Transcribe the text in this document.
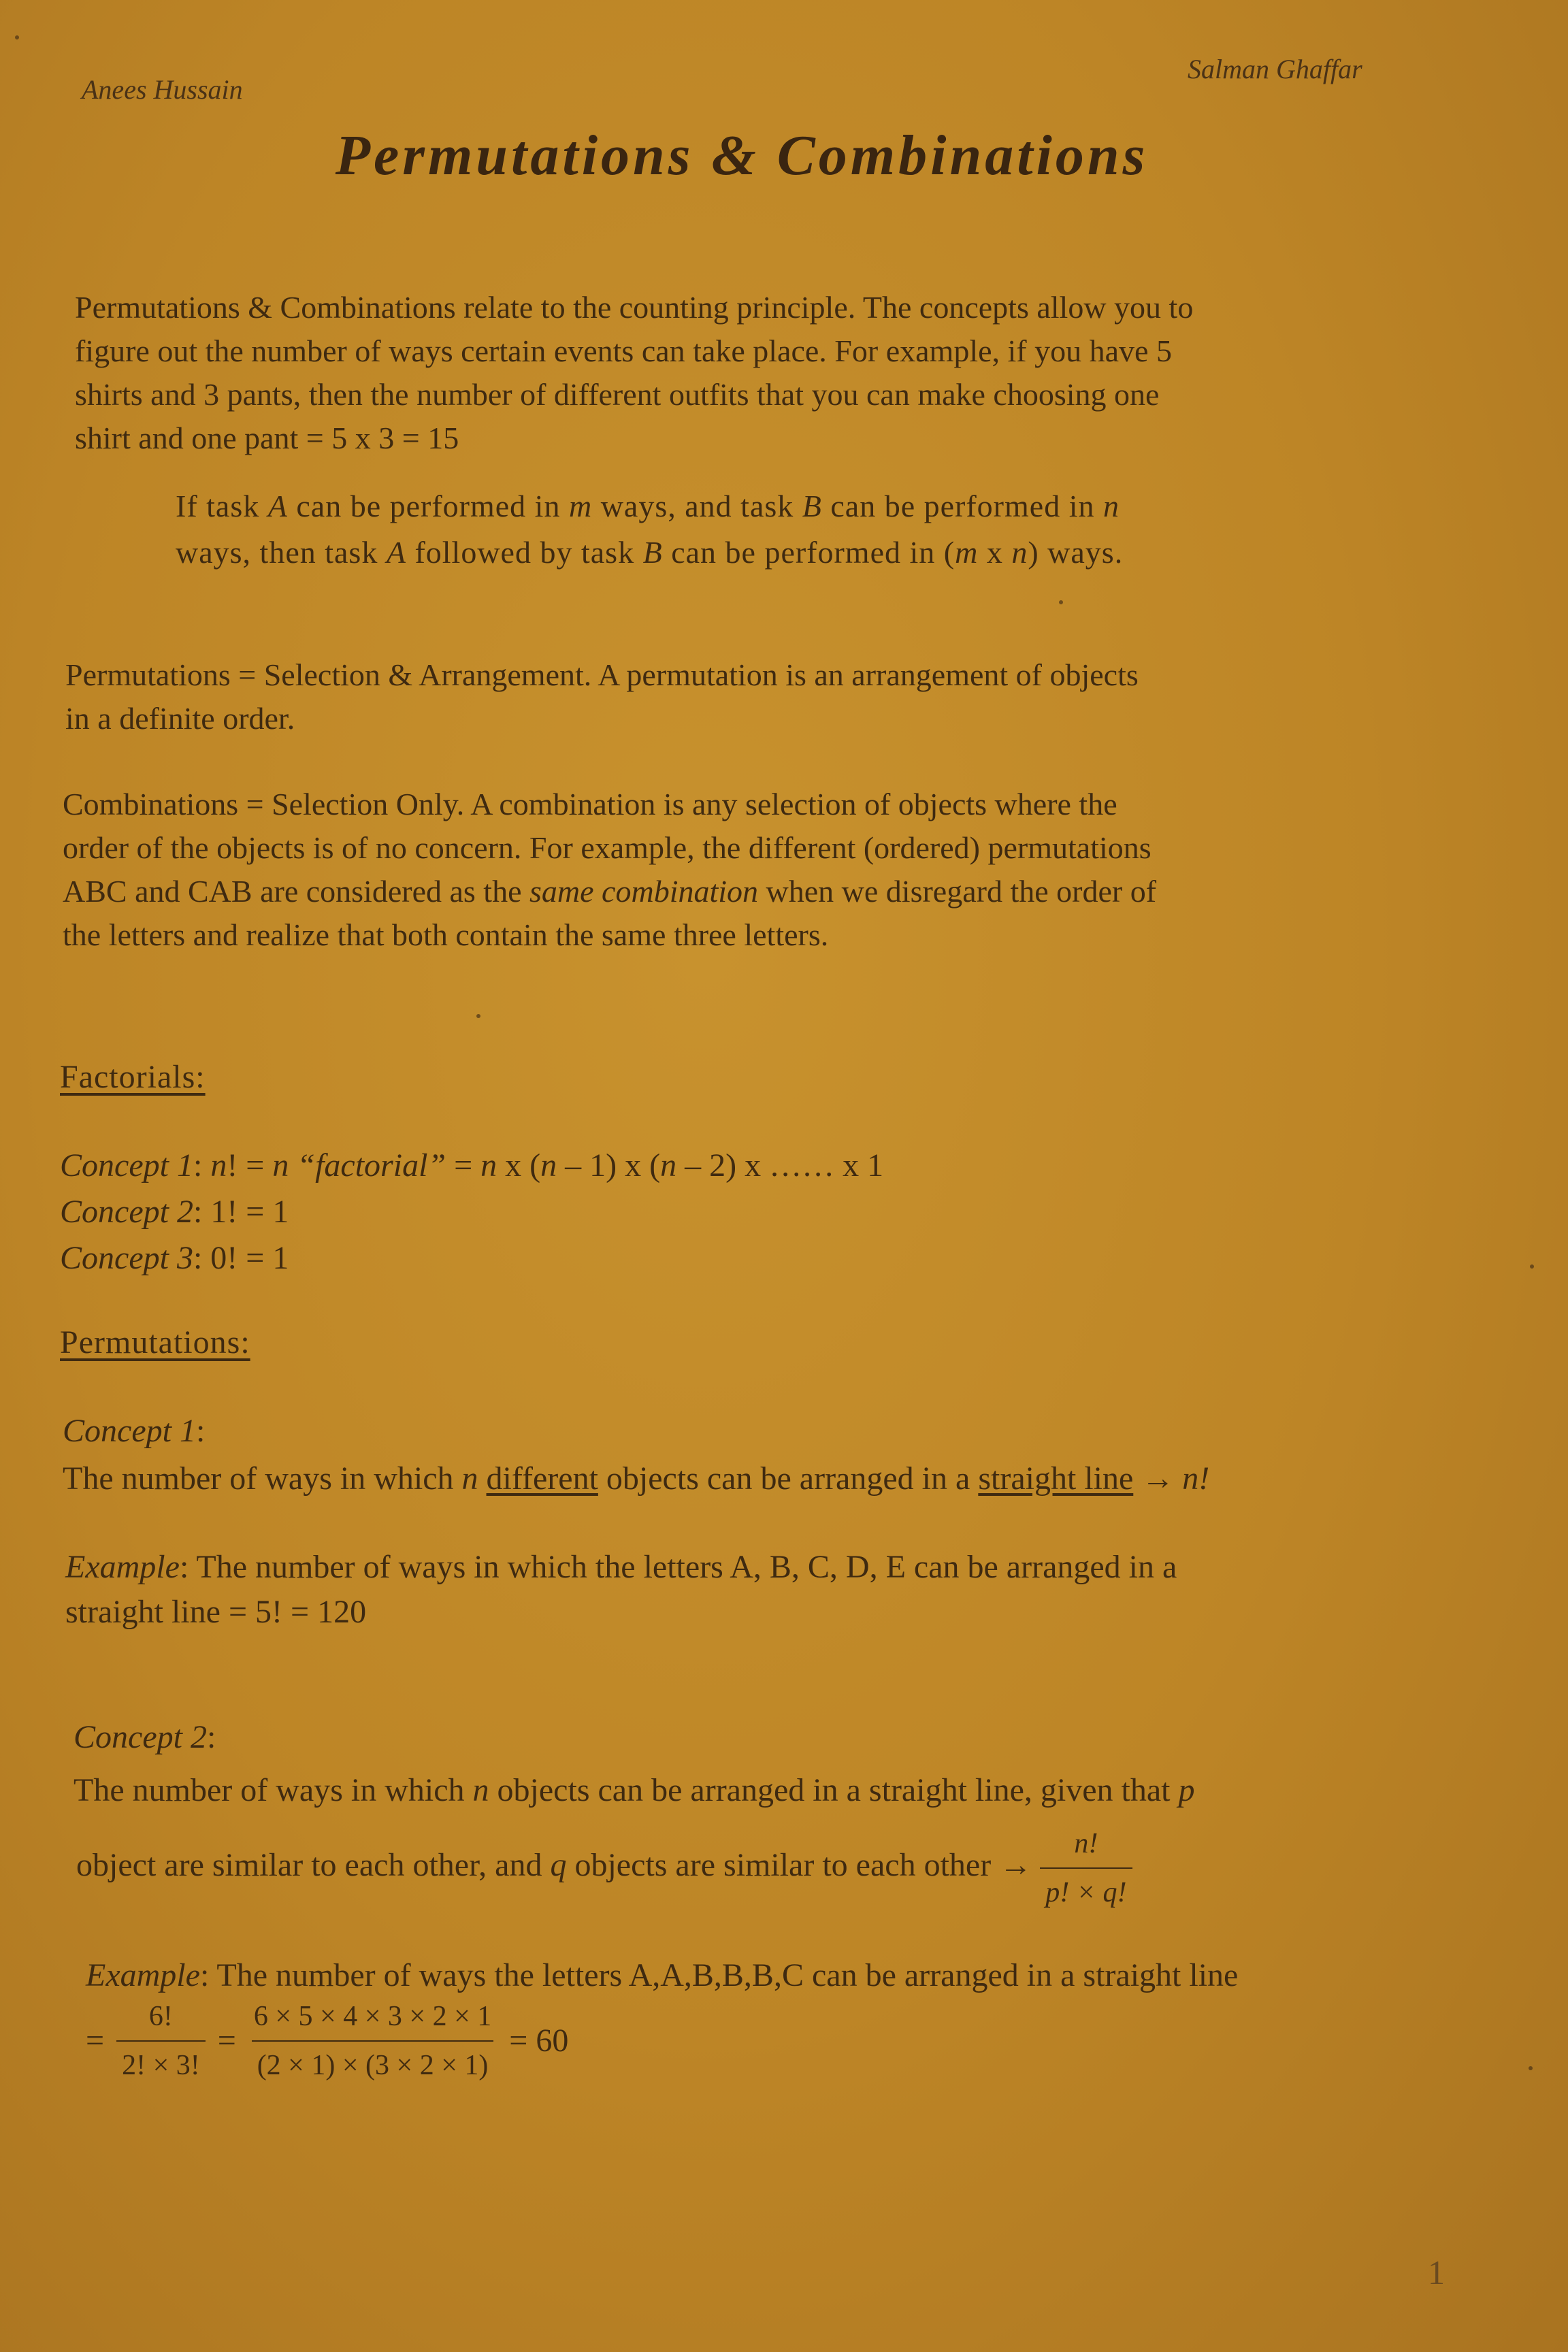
Anees Hussain
Salman Ghaffar
Permutations & Combinations

Permutations & Combinations relate to the counting principle. The concepts allow you to

figure out the number of ways certain events can take place. For example, if you have 5

shirts and 3 pants, then the number of different outfits that you can make choosing one

shirt and one pant = 5 x 3 = 15

If task A can be performed in m ways, and task B can be performed in n
ways, then task A followed by task B can be performed in (m x n) ways.

Permutations = Selection & Arrangement. A permutation is an arrangement of objects

in a definite order.

Combinations = Selection Only. A combination is any selection of objects where the

order of the objects is of no concern. For example, the different (ordered) permutations

ABC and CAB are considered as the same combination when we disregard the order of

the letters and realize that both contain the same three letters.

Factorials:
Concept 1: n! = n “factorial” = n x (n – 1) x (n – 2) x …… x 1
Concept 2: 1! = 1
Concept 3: 0! = 1
Permutations:
Concept 1:
The number of ways in which n different objects can be arranged in a straight line → n!
Example: The number of ways in which the letters A, B, C, D, E can be arranged in a
straight line = 5! = 120
Concept 2:
The number of ways in which n objects can be arranged in a straight line, given that p
object are similar to each other, and q objects are similar to each other → $\frac{n!}{p! \times q!}$
Example: The number of ways the letters A,A,B,B,B,C can be arranged in a straight line
= $\frac{6!}{2! \times 3!} = \frac{6 \times 5 \times 4 \times 3 \times 2 \times 1}{(2 \times 1) \times (3 \times 2 \times 1)} = 60$
1
